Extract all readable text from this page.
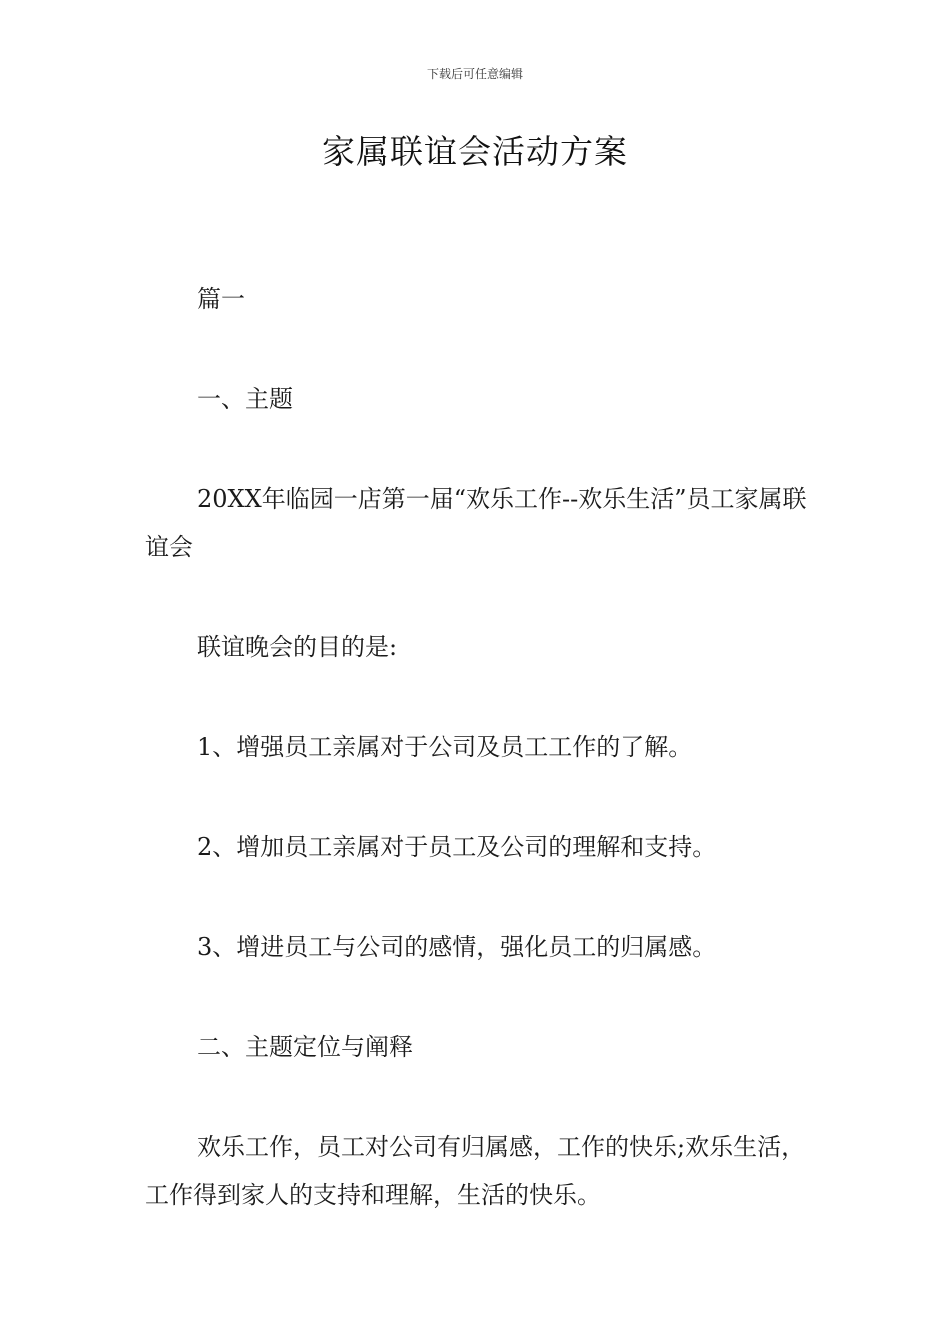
下载后可任意编辑
家属联谊会活动方案

篇一

一、主题

20XX年临园一店第一届“欢乐工作--欢乐生活”员工家属联谊会

联谊晚会的目的是:

1、增强员工亲属对于公司及员工工作的了解。

2、增加员工亲属对于员工及公司的理解和支持。

3、增进员工与公司的感情，强化员工的归属感。

二、主题定位与阐释

欢乐工作，员工对公司有归属感，工作的快乐;欢乐生活，工作得到家人的支持和理解，生活的快乐。
